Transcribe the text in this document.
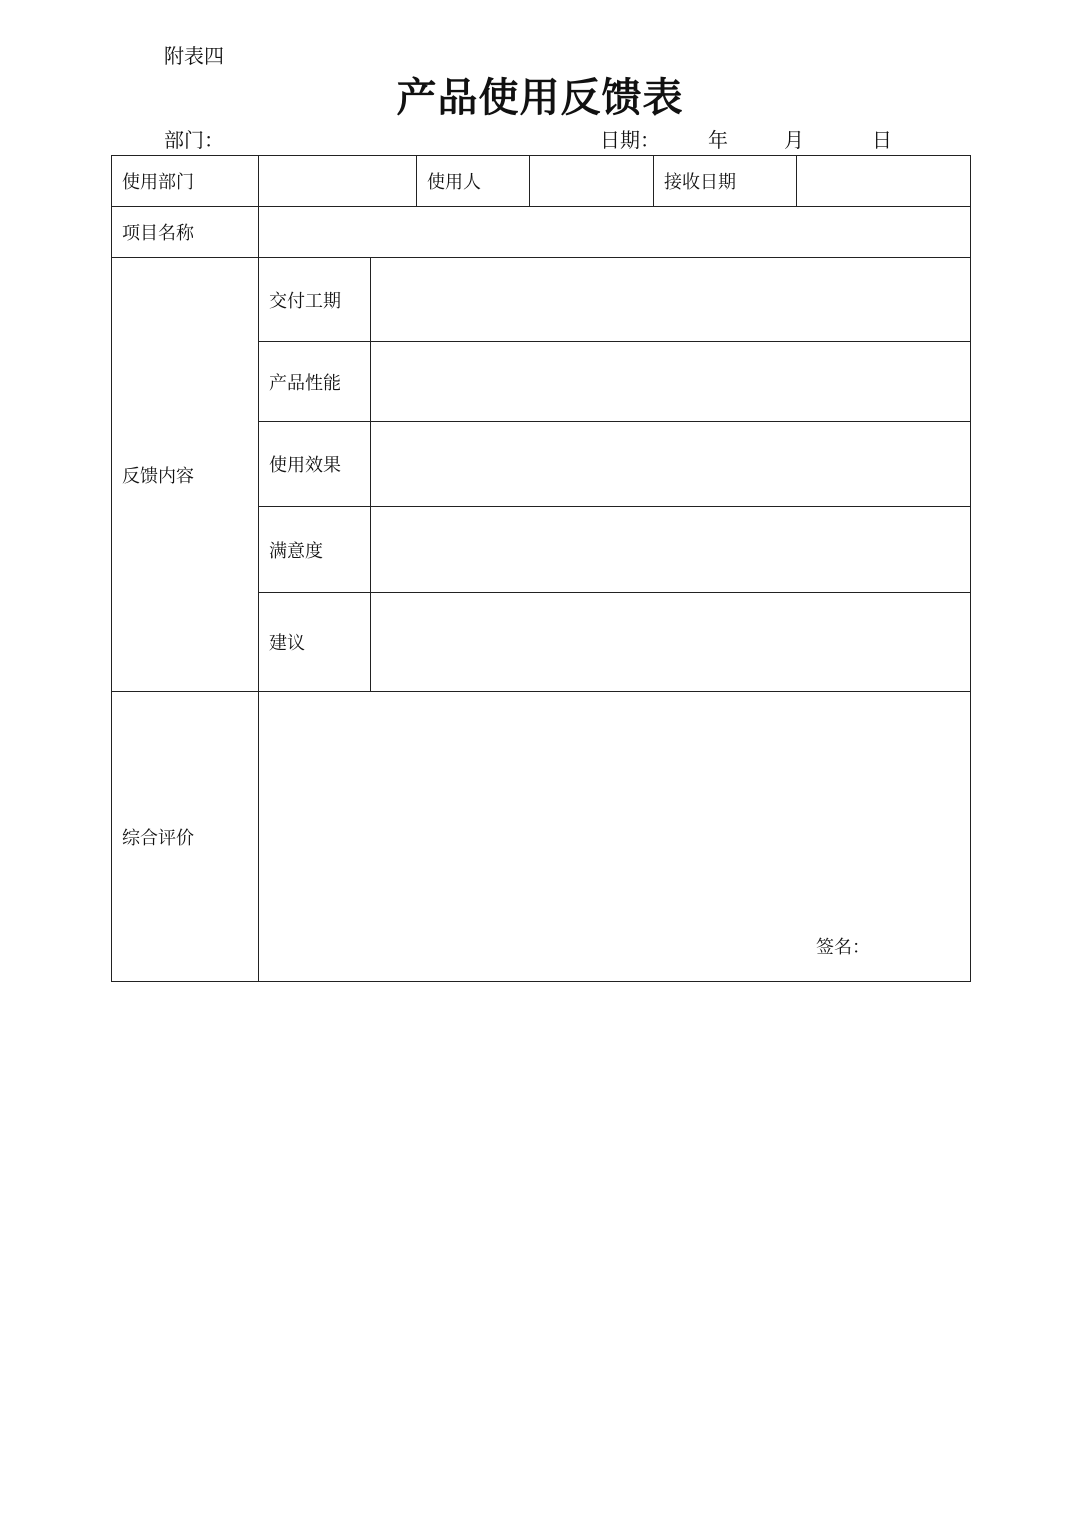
附表四
产品使用反馈表
部门：	日期： 年	月	日
使用部门			使用人		接收日期	
项目名称						
反馈内容	交付工期					
	产品性能					
	使用效果					
	满意度					
	建议					
综合评价	签名：					
